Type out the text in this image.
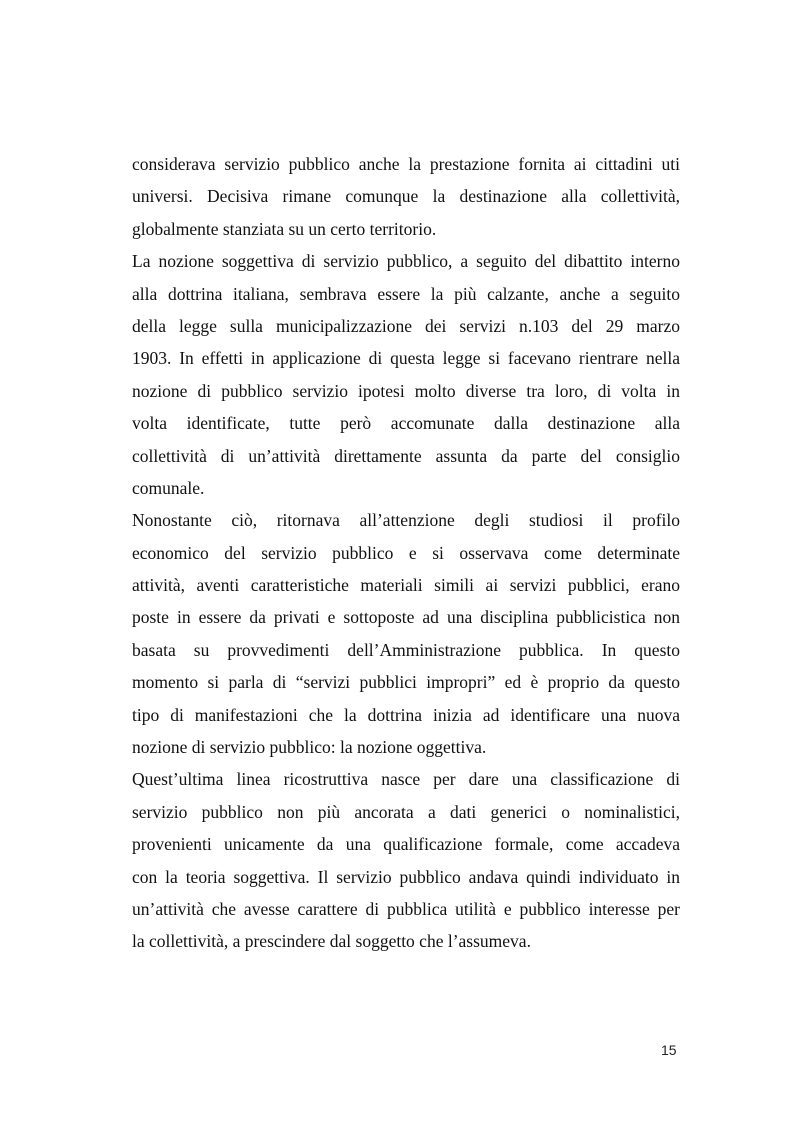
considerava servizio pubblico anche la prestazione fornita ai cittadini uti
universi. Decisiva rimane comunque la destinazione alla collettività,
globalmente stanziata su un certo territorio.
La nozione soggettiva di servizio pubblico, a seguito del dibattito interno
alla dottrina italiana, sembrava essere la più calzante, anche a seguito
della legge sulla municipalizzazione dei servizi n.103 del 29 marzo
1903. In effetti in applicazione di questa legge si facevano rientrare nella
nozione di pubblico servizio ipotesi molto diverse tra loro, di volta in
volta identificate, tutte però accomunate dalla destinazione alla
collettività di un’attività direttamente assunta da parte del consiglio
comunale.
Nonostante ciò, ritornava all’attenzione degli studiosi il profilo
economico del servizio pubblico e si osservava come determinate
attività, aventi caratteristiche materiali simili ai servizi pubblici, erano
poste in essere da privati e sottoposte ad una disciplina pubblicistica non
basata su provvedimenti dell’Amministrazione pubblica. In questo
momento si parla di “servizi pubblici impropri” ed è proprio da questo
tipo di manifestazioni che la dottrina inizia ad identificare una nuova
nozione di servizio pubblico: la nozione oggettiva.
Quest’ultima linea ricostruttiva nasce per dare una classificazione di
servizio pubblico non più ancorata a dati generici o nominalistici,
provenienti unicamente da una qualificazione formale, come accadeva
con la teoria soggettiva. Il servizio pubblico andava quindi individuato in
un’attività che avesse carattere di pubblica utilità e pubblico interesse per
la collettività, a prescindere dal soggetto che l’assumeva.
15
